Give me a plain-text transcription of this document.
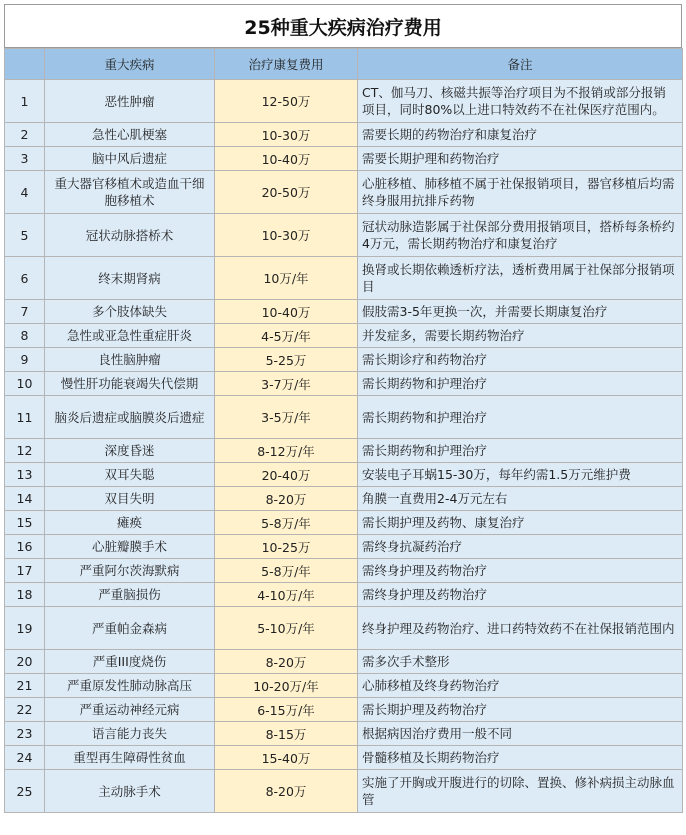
25种重大疾病治疗费用
	重大疾病	治疗康复费用	备注
1	恶性肿瘤	12-50万	CT、伽马刀、核磁共振等治疗项目为不报销或部分报销项目，同时80%以上进口特效药不在社保医疗范围内。
2	急性心肌梗塞	10-30万	需要长期的药物治疗和康复治疗
3	脑中风后遗症	10-40万	需要长期护理和药物治疗
4	重大器官移植术或造血干细胞移植术	20-50万	心脏移植、肺移植不属于社保报销项目，器官移植后均需终身服用抗排斥药物
5	冠状动脉搭桥术	10-30万	冠状动脉造影属于社保部分费用报销项目，搭桥每条桥约4万元，需长期药物治疗和康复治疗
6	终末期肾病	10万/年	换肾或长期依赖透析疗法，透析费用属于社保部分报销项目
7	多个肢体缺失	10-40万	假肢需3-5年更换一次，并需要长期康复治疗
8	急性或亚急性重症肝炎	4-5万/年	并发症多，需要长期药物治疗
9	良性脑肿瘤	5-25万	需长期诊疗和药物治疗
10	慢性肝功能衰竭失代偿期	3-7万/年	需长期药物和护理治疗
11	脑炎后遗症或脑膜炎后遗症	3-5万/年	需长期药物和护理治疗
12	深度昏迷	8-12万/年	需长期药物和护理治疗
13	双耳失聪	20-40万	安装电子耳蜗15-30万，每年约需1.5万元维护费
14	双目失明	8-20万	角膜一直费用2-4万元左右
15	瘫痪	5-8万/年	需长期护理及药物、康复治疗
16	心脏瓣膜手术	10-25万	需终身抗凝药治疗
17	严重阿尔茨海默病	5-8万/年	需终身护理及药物治疗
18	严重脑损伤	4-10万/年	需终身护理及药物治疗
19	严重帕金森病	5-10万/年	终身护理及药物治疗、进口药特效药不在社保报销范围内
20	严重III度烧伤	8-20万	需多次手术整形
21	严重原发性肺动脉高压	10-20万/年	心肺移植及终身药物治疗
22	严重运动神经元病	6-15万/年	需长期护理及药物治疗
23	语言能力丧失	8-15万	根据病因治疗费用一般不同
24	重型再生障碍性贫血	15-40万	骨髓移植及长期药物治疗
25	主动脉手术	8-20万	实施了开胸或开腹进行的切除、置换、修补病损主动脉血管
